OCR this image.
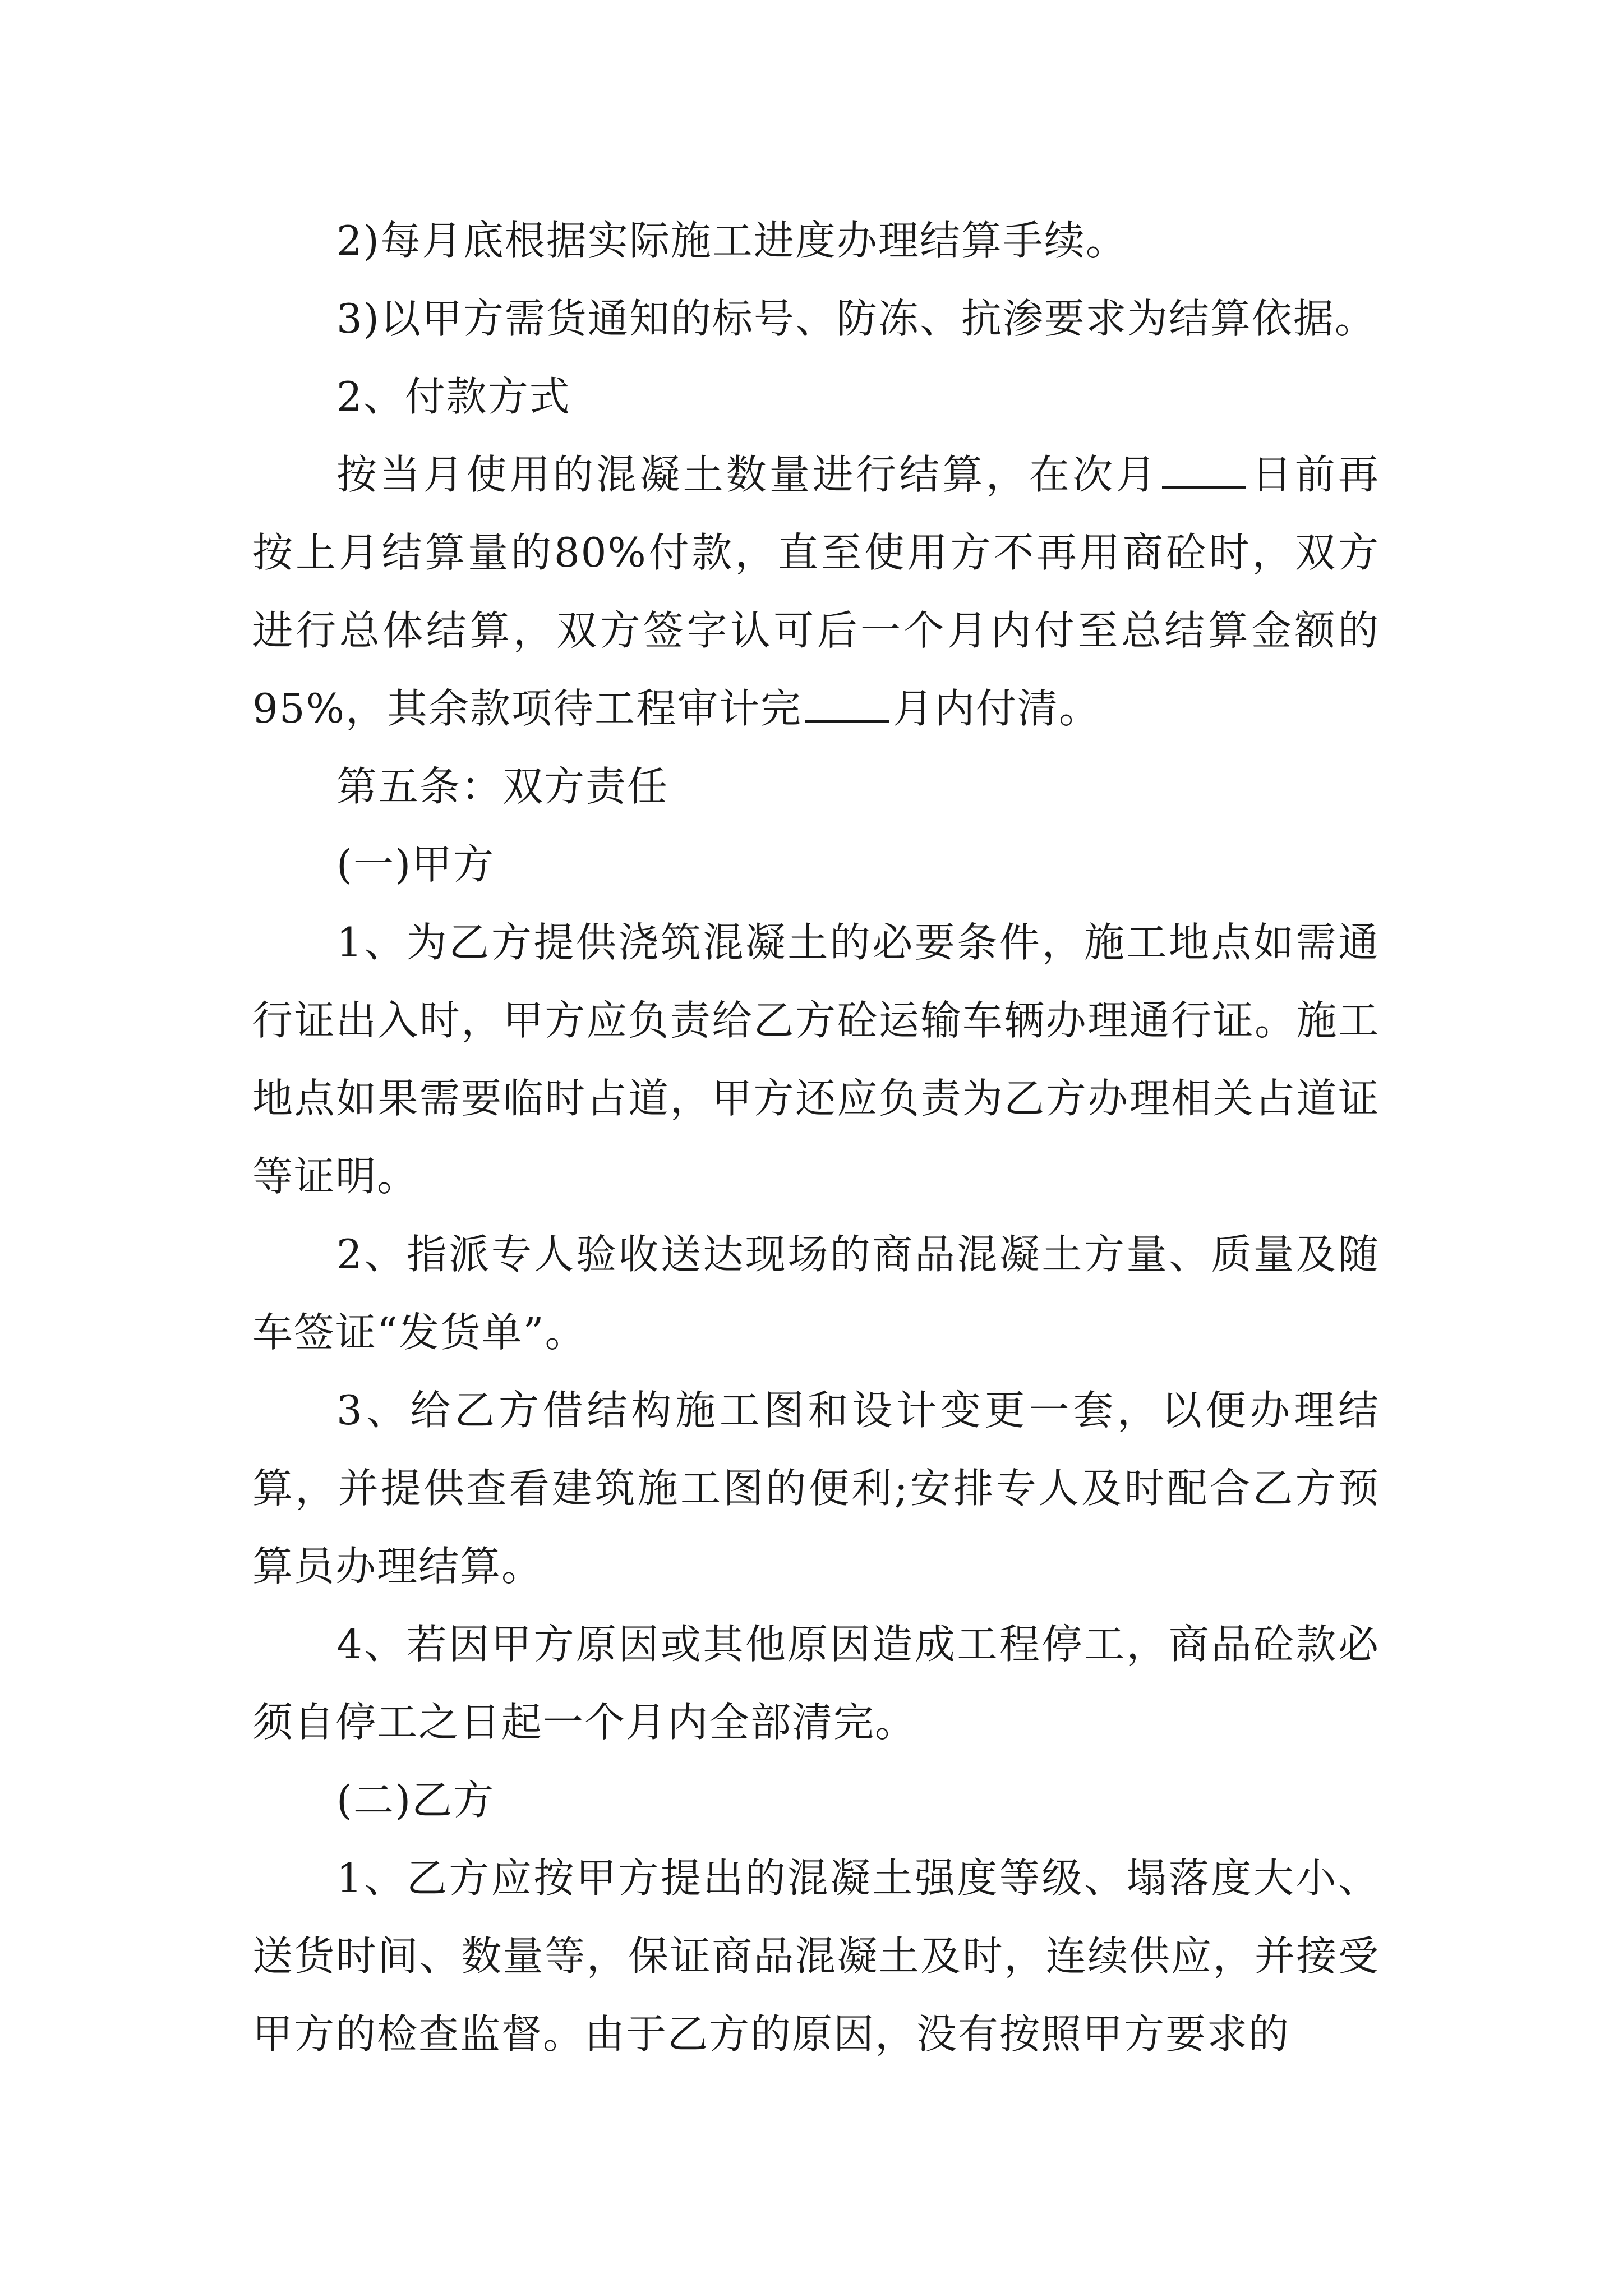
2)每月底根据实际施工进度办理结算手续。

3)以甲方需货通知的标号、防冻、抗渗要求为结算依据。

2、付款方式

按当月使用的混凝土数量进行结算，在次月 日前再按上月结算量的80%付款，直至使用方不再用商砼时，双方进行总体结算，双方签字认可后一个月内付至总结算金额的95%，其余款项待工程审计完 月内付清。

第五条：双方责任

(一)甲方

1、为乙方提供浇筑混凝土的必要条件，施工地点如需通行证出入时，甲方应负责给乙方砼运输车辆办理通行证。施工地点如果需要临时占道，甲方还应负责为乙方办理相关占道证等证明。

2、指派专人验收送达现场的商品混凝土方量、质量及随车签证“发货单”。

3、给乙方借结构施工图和设计变更一套，以便办理结算，并提供查看建筑施工图的便利;安排专人及时配合乙方预算员办理结算。

4、若因甲方原因或其他原因造成工程停工，商品砼款必须自停工之日起一个月内全部清完。

(二)乙方

1、乙方应按甲方提出的混凝土强度等级、塌落度大小、送货时间、数量等，保证商品混凝土及时，连续供应，并接受甲方的检查监督。由于乙方的原因，没有按照甲方要求的
